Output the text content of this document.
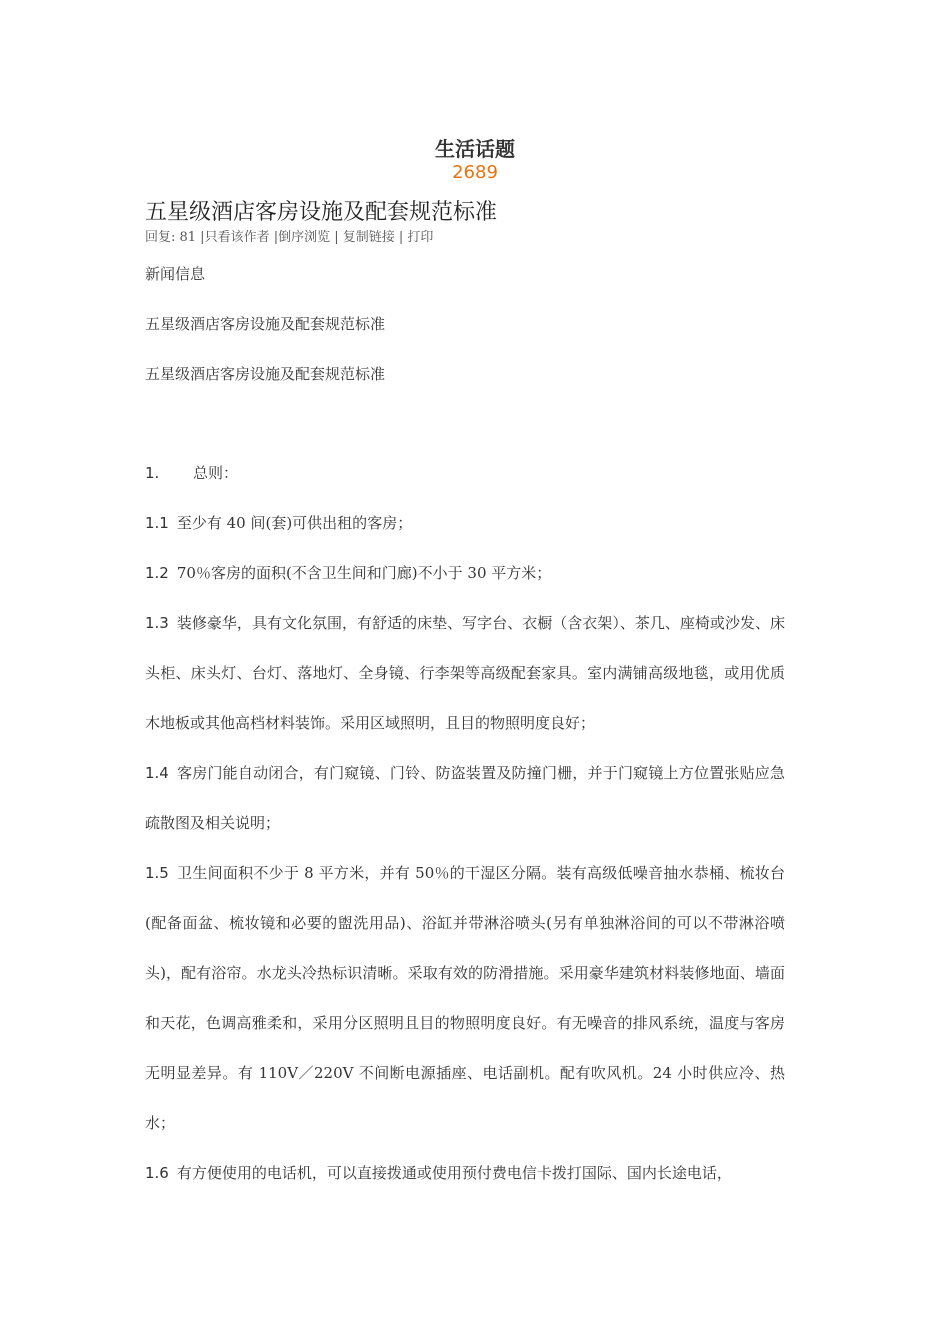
生活话题
2689
五星级酒店客房设施及配套规范标准
回复: 81 |只看该作者 |倒序浏览 | 复制链接 | 打印
新闻信息
五星级酒店客房设施及配套规范标准
五星级酒店客房设施及配套规范标准
1. 总则：
1.1 至少有 40 间(套)可供出租的客房；
1.2 70％客房的面积(不含卫生间和门廊)不小于 30 平方米；
1.3 装修豪华，具有文化氛围，有舒适的床垫、写字台、衣橱（含衣架）、茶几、座椅或沙发、床头柜、床头灯、台灯、落地灯、全身镜、行李架等高级配套家具。室内满铺高级地毯，或用优质木地板或其他高档材料装饰。采用区域照明，且目的物照明度良好；
1.4 客房门能自动闭合，有门窥镜、门铃、防盗装置及防撞门栅，并于门窥镜上方位置张贴应急疏散图及相关说明；
1.5 卫生间面积不少于 8 平方米，并有 50％的干湿区分隔。装有高级低噪音抽水恭桶、梳妆台(配备面盆、梳妆镜和必要的盥洗用品)、浴缸并带淋浴喷头(另有单独淋浴间的可以不带淋浴喷头)，配有浴帘。水龙头冷热标识清晰。采取有效的防滑措施。采用豪华建筑材料装修地面、墙面和天花，色调高雅柔和，采用分区照明且目的物照明度良好。有无噪音的排风系统，温度与客房无明显差异。有 110V／220V 不间断电源插座、电话副机。配有吹风机。24 小时供应冷、热水；
1.6 有方便使用的电话机，可以直接拨通或使用预付费电信卡拨打国际、国内长途电话，
